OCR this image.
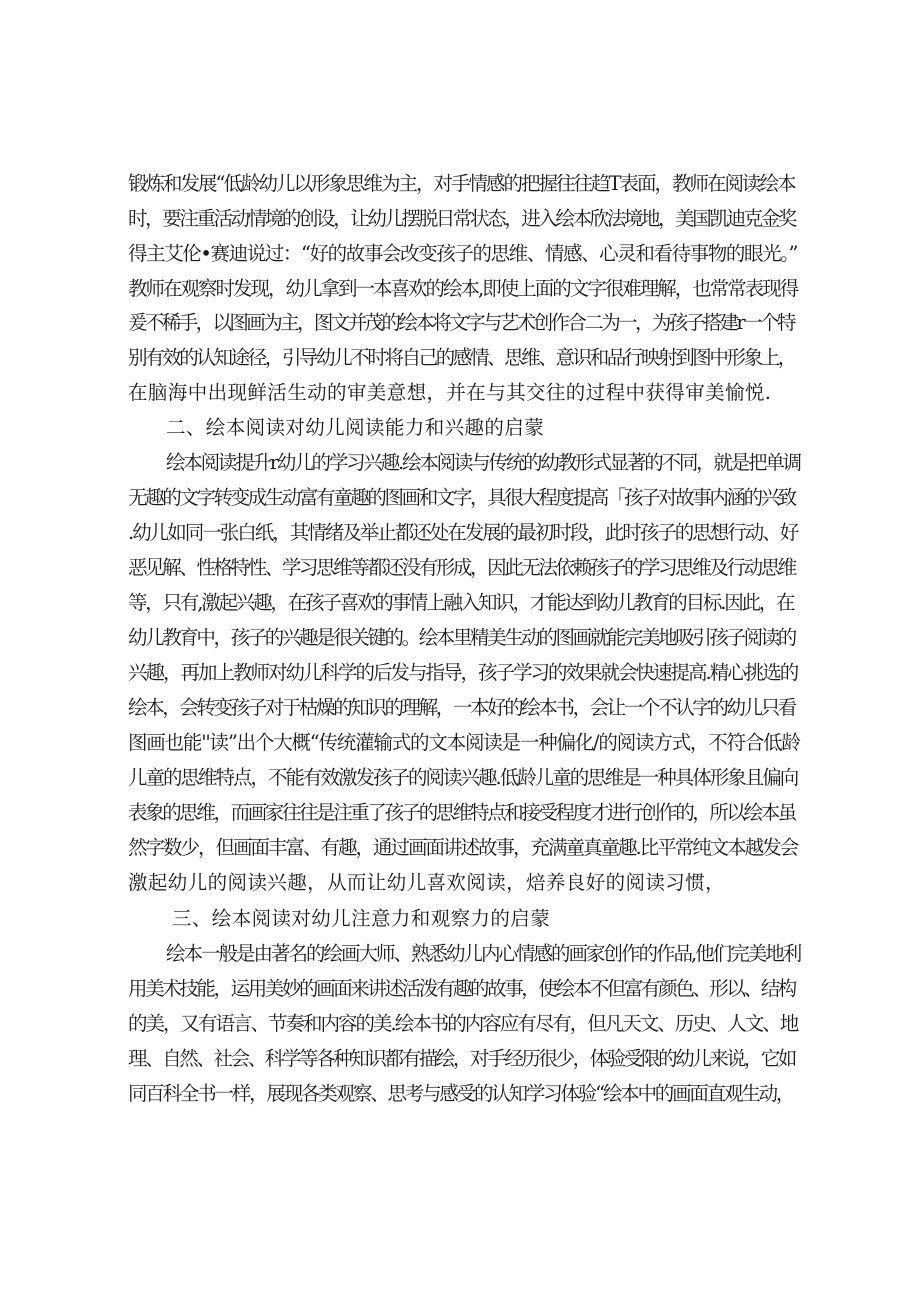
锻炼和发展“低龄幼儿以形象思维为主，对手情感的把握往往趋T表面，教师在阅读绘本
时，要注重活动情境的创设，让幼儿摆脱日常状态，进入绘本欣法境地，美国凯迪克金奖
得主艾伦•赛迪说过：“好的故事会改变孩子的思维、情感、心灵和看待事物的眼光。”
教师在观察时发现，幼儿拿到一本喜欢的绘本,即使上面的文字很难理解，也常常表现得
爰不稀手，以图画为主，图文并茂的绘本将文字与艺术创作合二为一，为孩子搭建r一个特
别有效的认知途径，引导幼儿不时将自己的感情、思维、意识和品行映射到图中形象上，
在脑海中出现鲜活生动的审美意想，并在与其交往的过程中获得审美愉悦.
二、绘本阅读对幼儿阅读能力和兴趣的启蒙
绘本阅读提升r幼儿的学习兴趣.绘本阅读与传统的幼教形式显著的不同，就是把单调
无趣的文字转变成生动富有童趣的图画和文字，具很大程度提高「孩子对故事内涵的兴致
.幼儿如同一张白纸，其情绪及举止都还处在发展的最初时段，此时孩子的思想行动、好
恶见解、性格特性、学习思维等都还没有形成，因此无法依赖孩子的学习思维及行动思维
等，只有,激起兴趣，在孩子喜欢的事情上融入知识，才能达到幼儿教育的目标.因此，在
幼儿教育中，孩子的兴趣是很关键的。绘本里精美生动的图画就能完美地吸引孩子阅读的
兴趣，再加上教师对幼儿科学的后发与指导，孩子学习的效果就会快速提高.精心挑选的
绘本，会转变孩子对于枯燥的知识的理解，一本好的绘本书，会让一个不认字的幼儿只看
图画也能''读”出个大概“传统灌输式的文本阅读是一种偏化/的阅读方式，不符合低龄
儿童的思维特点，不能有效激发孩子的阅读兴趣.低龄儿童的思维是一种具体形象且偏向
表象的思维，而画家往往是注重了孩子的思维特点和接受程度才进行创作的，所以绘本虽
然字数少，但画面丰富、有趣，通过画面讲述故事，充满童真童趣.比平常纯文本越发会
激起幼儿的阅读兴趣，从而让幼儿喜欢阅读，焙养良好的阅读习惯，
三、绘本阅读对幼儿注意力和观察力的启蒙
绘本一般是由著名的绘画大师、熟悉幼儿内心情感的画家创作的作品,他们完美地利
用美术技能，运用美妙的画面来讲述活泼有趣的故事，使绘本不但富有颜色、形以、结构
的美，又有语言、节奏和内容的美.绘本书的内容应有尽有，但凡天文、历史、人文、地
理、自然、社会、科学等各种知识都有描绘，对手经历很少，体验受限的幼儿来说，它如
同百科全书一样，展现各类观察、思考与感受的认知学习体验“绘本中的画面直观生动，
